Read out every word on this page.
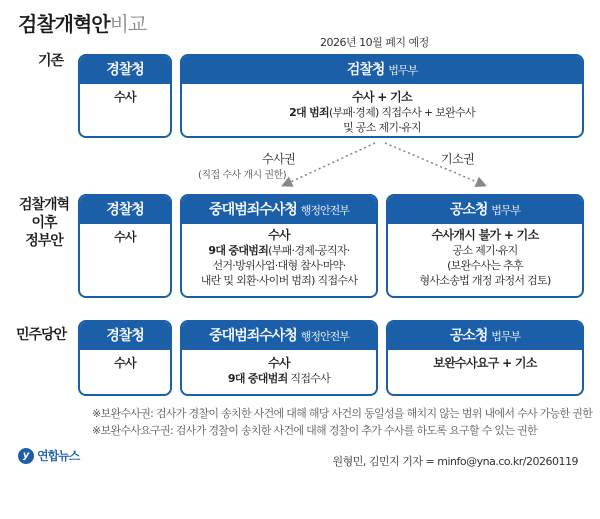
검찰개혁안비교
2026년 10월 폐지 예정
기존
검찰개혁
이후
정부안
민주당안
경찰청
수사
검찰청 법무부
수사 + 기소
2대 범죄(부패·경제) 직접수사 + 보완수사
및 공소 제기·유지
수사권
(직접 수사 개시 권한)
기소권
경찰청
수사
중대범죄수사청 행정안전부
수사
9대 중대범죄(부패·경제·공직자·
선거·방위사업·대형 참사·마약·
내란 및 외환·사이버 범죄) 직접수사
공소청 법무부
수사개시 불가 + 기소
공소 제기·유지
(보완수사는 추후
형사소송법 개정 과정서 검토)
경찰청
수사
중대범죄수사청 행정안전부
수사
9대 중대범죄 직접수사
공소청 법무부
보완수사요구 + 기소
※보완수사권: 검사가 경찰이 송치한 사건에 대해 해당 사건의 동일성을 해치지 않는 범위 내에서 수사 가능한 권한
※보완수사요구권: 검사가 경찰이 송치한 사건에 대해 경찰이 추가 수사를 하도록 요구할 수 있는 권한
y 연합뉴스	원형민, 김민지 기자 = minfo@yna.co.kr/20260119
